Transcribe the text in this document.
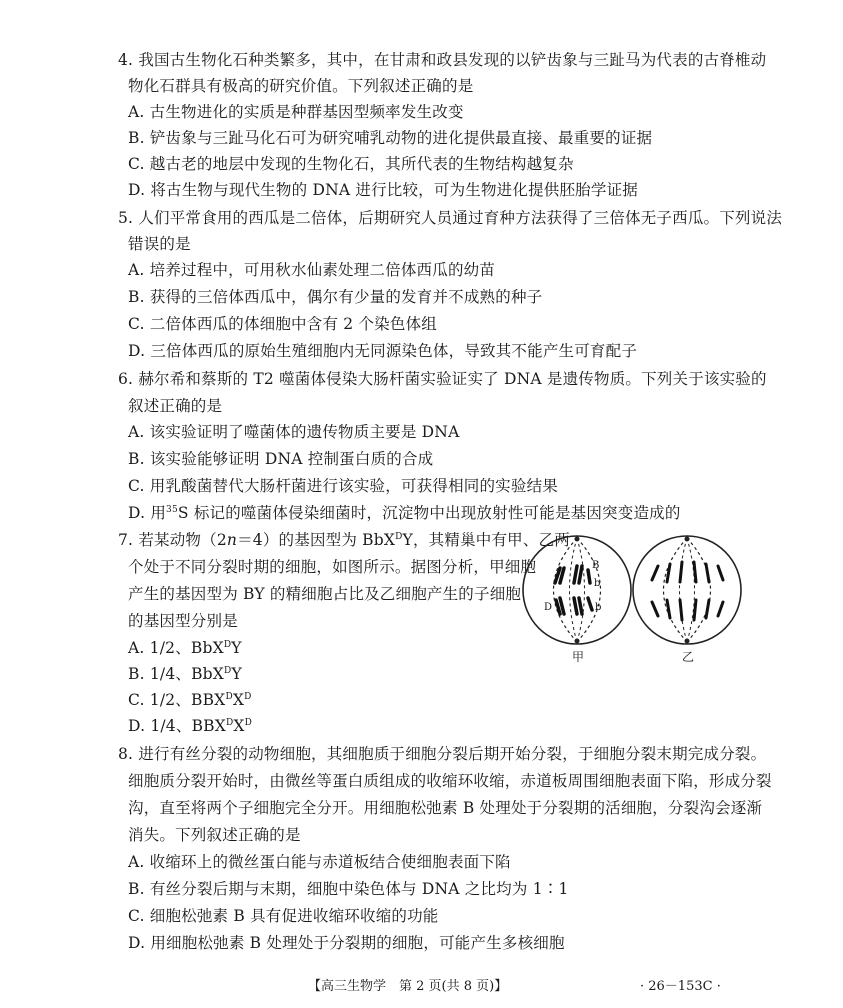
4. 我国古生物化石种类繁多，其中，在甘肃和政县发现的以铲齿象与三趾马为代表的古脊椎动
物化石群具有极高的研究价值。下列叙述正确的是
A. 古生物进化的实质是种群基因型频率发生改变
B. 铲齿象与三趾马化石可为研究哺乳动物的进化提供最直接、最重要的证据
C. 越古老的地层中发现的生物化石，其所代表的生物结构越复杂
D. 将古生物与现代生物的 DNA 进行比较，可为生物进化提供胚胎学证据
5. 人们平常食用的西瓜是二倍体，后期研究人员通过育种方法获得了三倍体无子西瓜。下列说法
错误的是
A. 培养过程中，可用秋水仙素处理二倍体西瓜的幼苗
B. 获得的三倍体西瓜中，偶尔有少量的发育并不成熟的种子
C. 二倍体西瓜的体细胞中含有 2 个染色体组
D. 三倍体西瓜的原始生殖细胞内无同源染色体，导致其不能产生可育配子
6. 赫尔希和蔡斯的 T2 噬菌体侵染大肠杆菌实验证实了 DNA 是遗传物质。下列关于该实验的
叙述正确的是
A. 该实验证明了噬菌体的遗传物质主要是 DNA
B. 该实验能够证明 DNA 控制蛋白质的合成
C. 用乳酸菌替代大肠杆菌进行该实验，可获得相同的实验结果
D. 用$^{35}$S 标记的噬菌体侵染细菌时，沉淀物中出现放射性可能是基因突变造成的
7. 若某动物（2n＝4）的基因型为 BbX$^D$Y，其精巢中有甲、乙两
个处于不同分裂时期的细胞，如图所示。据图分析，甲细胞
产生的基因型为 BY 的精细胞占比及乙细胞产生的子细胞
的基因型分别是
A. 1/2、BbX$^D$Y
B. 1/4、BbX$^D$Y
C. 1/2、$BBX^DX^D$
D. 1/4、$BBX^DX^D$
B
b
D	b
甲	乙
8. 进行有丝分裂的动物细胞，其细胞质于细胞分裂后期开始分裂，于细胞分裂末期完成分裂。
细胞质分裂开始时，由微丝等蛋白质组成的收缩环收缩，赤道板周围细胞表面下陷，形成分裂
沟，直至将两个子细胞完全分开。用细胞松弛素 B 处理处于分裂期的活细胞，分裂沟会逐渐
消失。下列叙述正确的是
A. 收缩环上的微丝蛋白能与赤道板结合使细胞表面下陷
B. 有丝分裂后期与末期，细胞中染色体与 DNA 之比均为 1∶1
C. 细胞松弛素 B 具有促进收缩环收缩的功能
D. 用细胞松弛素 B 处理处于分裂期的细胞，可能产生多核细胞
【高三生物学　第 2 页(共 8 页)】	· 26－153C ·
